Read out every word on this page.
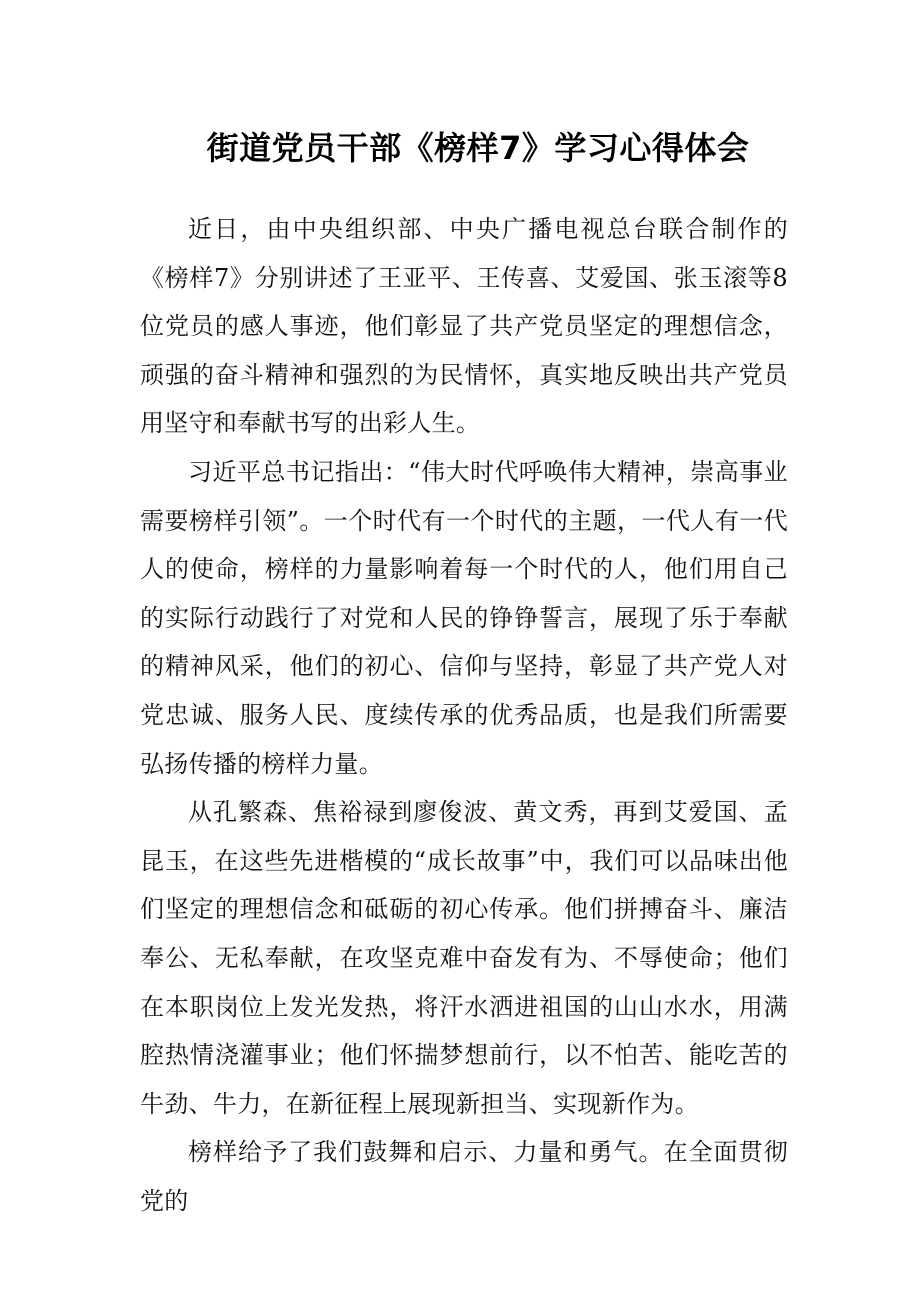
街道党员干部《榜样7》学习心得体会

近日，由中央组织部、中央广播电视总台联合制作的《榜样7》分别讲述了王亚平、王传喜、艾爱国、张玉滚等8位党员的感人事迹，他们彰显了共产党员坚定的理想信念，顽强的奋斗精神和强烈的为民情怀，真实地反映出共产党员用坚守和奉献书写的出彩人生。

习近平总书记指出：“伟大时代呼唤伟大精神，崇高事业需要榜样引领”。一个时代有一个时代的主题，一代人有一代人的使命，榜样的力量影响着每一个时代的人，他们用自己的实际行动践行了对党和人民的铮铮誓言，展现了乐于奉献的精神风采，他们的初心、信仰与坚持，彰显了共产党人对党忠诚、服务人民、度续传承的优秀品质，也是我们所需要弘扬传播的榜样力量。

从孔繁森、焦裕禄到廖俊波、黄文秀，再到艾爱国、孟昆玉，在这些先进楷模的“成长故事”中，我们可以品味出他们坚定的理想信念和砥砺的初心传承。他们拼搏奋斗、廉洁奉公、无私奉献，在攻坚克难中奋发有为、不辱使命；他们在本职岗位上发光发热，将汗水洒进祖国的山山水水，用满腔热情浇灌事业；他们怀揣梦想前行，以不怕苦、能吃苦的牛劲、牛力，在新征程上展现新担当、实现新作为。

榜样给予了我们鼓舞和启示、力量和勇气。在全面贯彻党的
